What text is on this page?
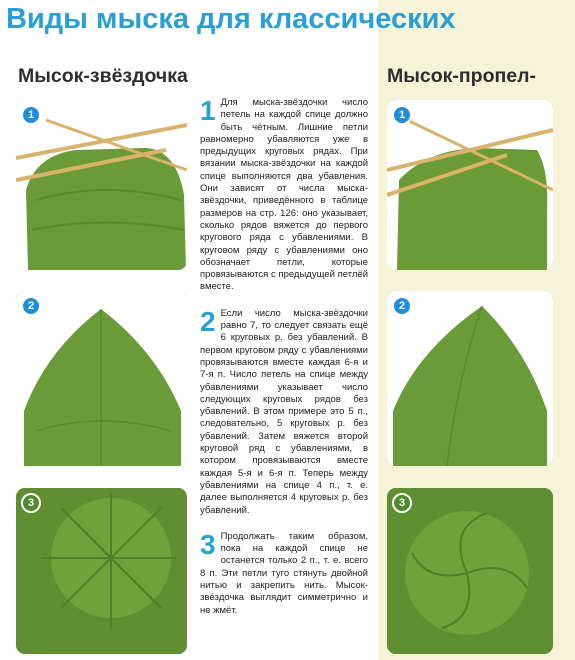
Виды мыска для классических
Мысок-звёздочка	Мысок-пропел-
1
2
3
1
2
3
1 Для мыска-звёздочки число петель на каждой спице должно быть чётным. Лишние петли равномерно убавляются уже в предыдущих круговых рядах. При вязании мыска-звёздочки на каждой спице выполняются два убавления. Они зависят от числа мыска-звёздочки, приведённого в таблице размеров на стр. 126: оно указывает, сколько рядов вяжется до первого кругового ряда с убавлениями. В круговом ряду с убавлениями оно обозначает петли, которые провязываются с предыдущей петлёй вместе.

2 Если число мыска-звёздочки равно 7, то следует связать ещё 6 круговых р. без убавлений. В первом круговом ряду с убавлениями провязываются вместе каждая 6-я и 7-я п. Число петель на спице между убавлениями указывает число следующих круговых рядов без убавлений. В этом примере это 5 п., следовательно, 5 круговых р. без убавлений. Затем вяжется второй круговой ряд с убавлениями, в котором провязываются вместе каждая 5-я и 6-я п. Теперь между убавлениями на спице 4 п., т. е. далее выполняется 4 круговых р. без убавлений.

3 Продолжать таким образом, пока на каждой спице не останется только 2 п., т. е. всего 8 п. Эти петли туго стянуть двойной нитью и закрепить нить. Мысок-звёздочка выглядит симметрично и не жмёт.
